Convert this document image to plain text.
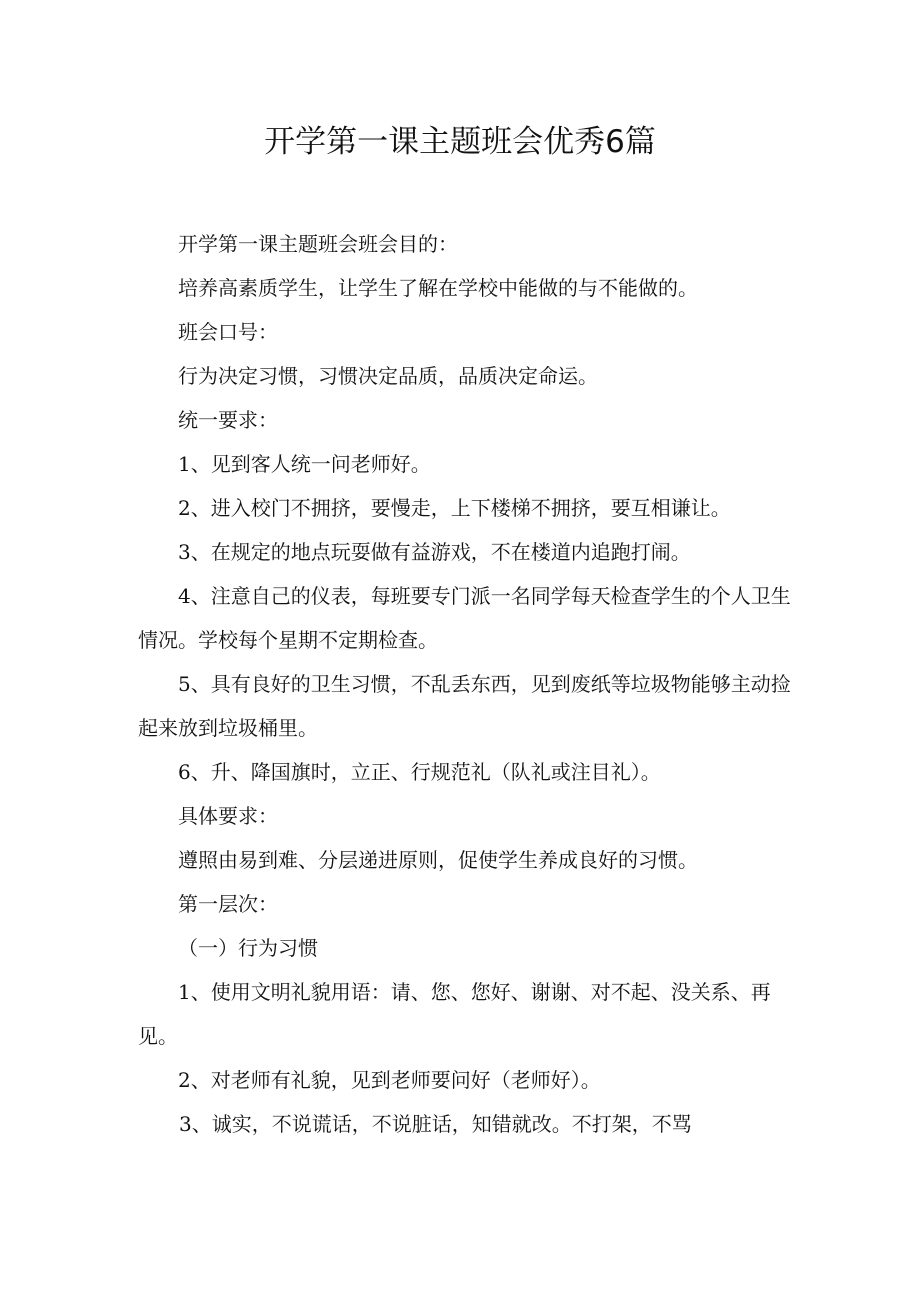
开学第一课主题班会优秀6篇

开学第一课主题班会班会目的：

培养高素质学生，让学生了解在学校中能做的与不能做的。

班会口号：

行为决定习惯，习惯决定品质，品质决定命运。

统一要求：

1、见到客人统一问老师好。

2、进入校门不拥挤，要慢走，上下楼梯不拥挤，要互相谦让。

3、在规定的地点玩耍做有益游戏，不在楼道内追跑打闹。

4、注意自己的仪表，每班要专门派一名同学每天检查学生的个人卫生情况。学校每个星期不定期检查。

5、具有良好的卫生习惯，不乱丢东西，见到废纸等垃圾物能够主动捡起来放到垃圾桶里。

6、升、降国旗时，立正、行规范礼（队礼或注目礼）。

具体要求：

遵照由易到难、分层递进原则，促使学生养成良好的习惯。

第一层次：

（一）行为习惯

1、使用文明礼貌用语：请、您、您好、谢谢、对不起、没关系、再见。

2、对老师有礼貌，见到老师要问好（老师好）。

3、诚实，不说谎话，不说脏话，知错就改。不打架，不骂
